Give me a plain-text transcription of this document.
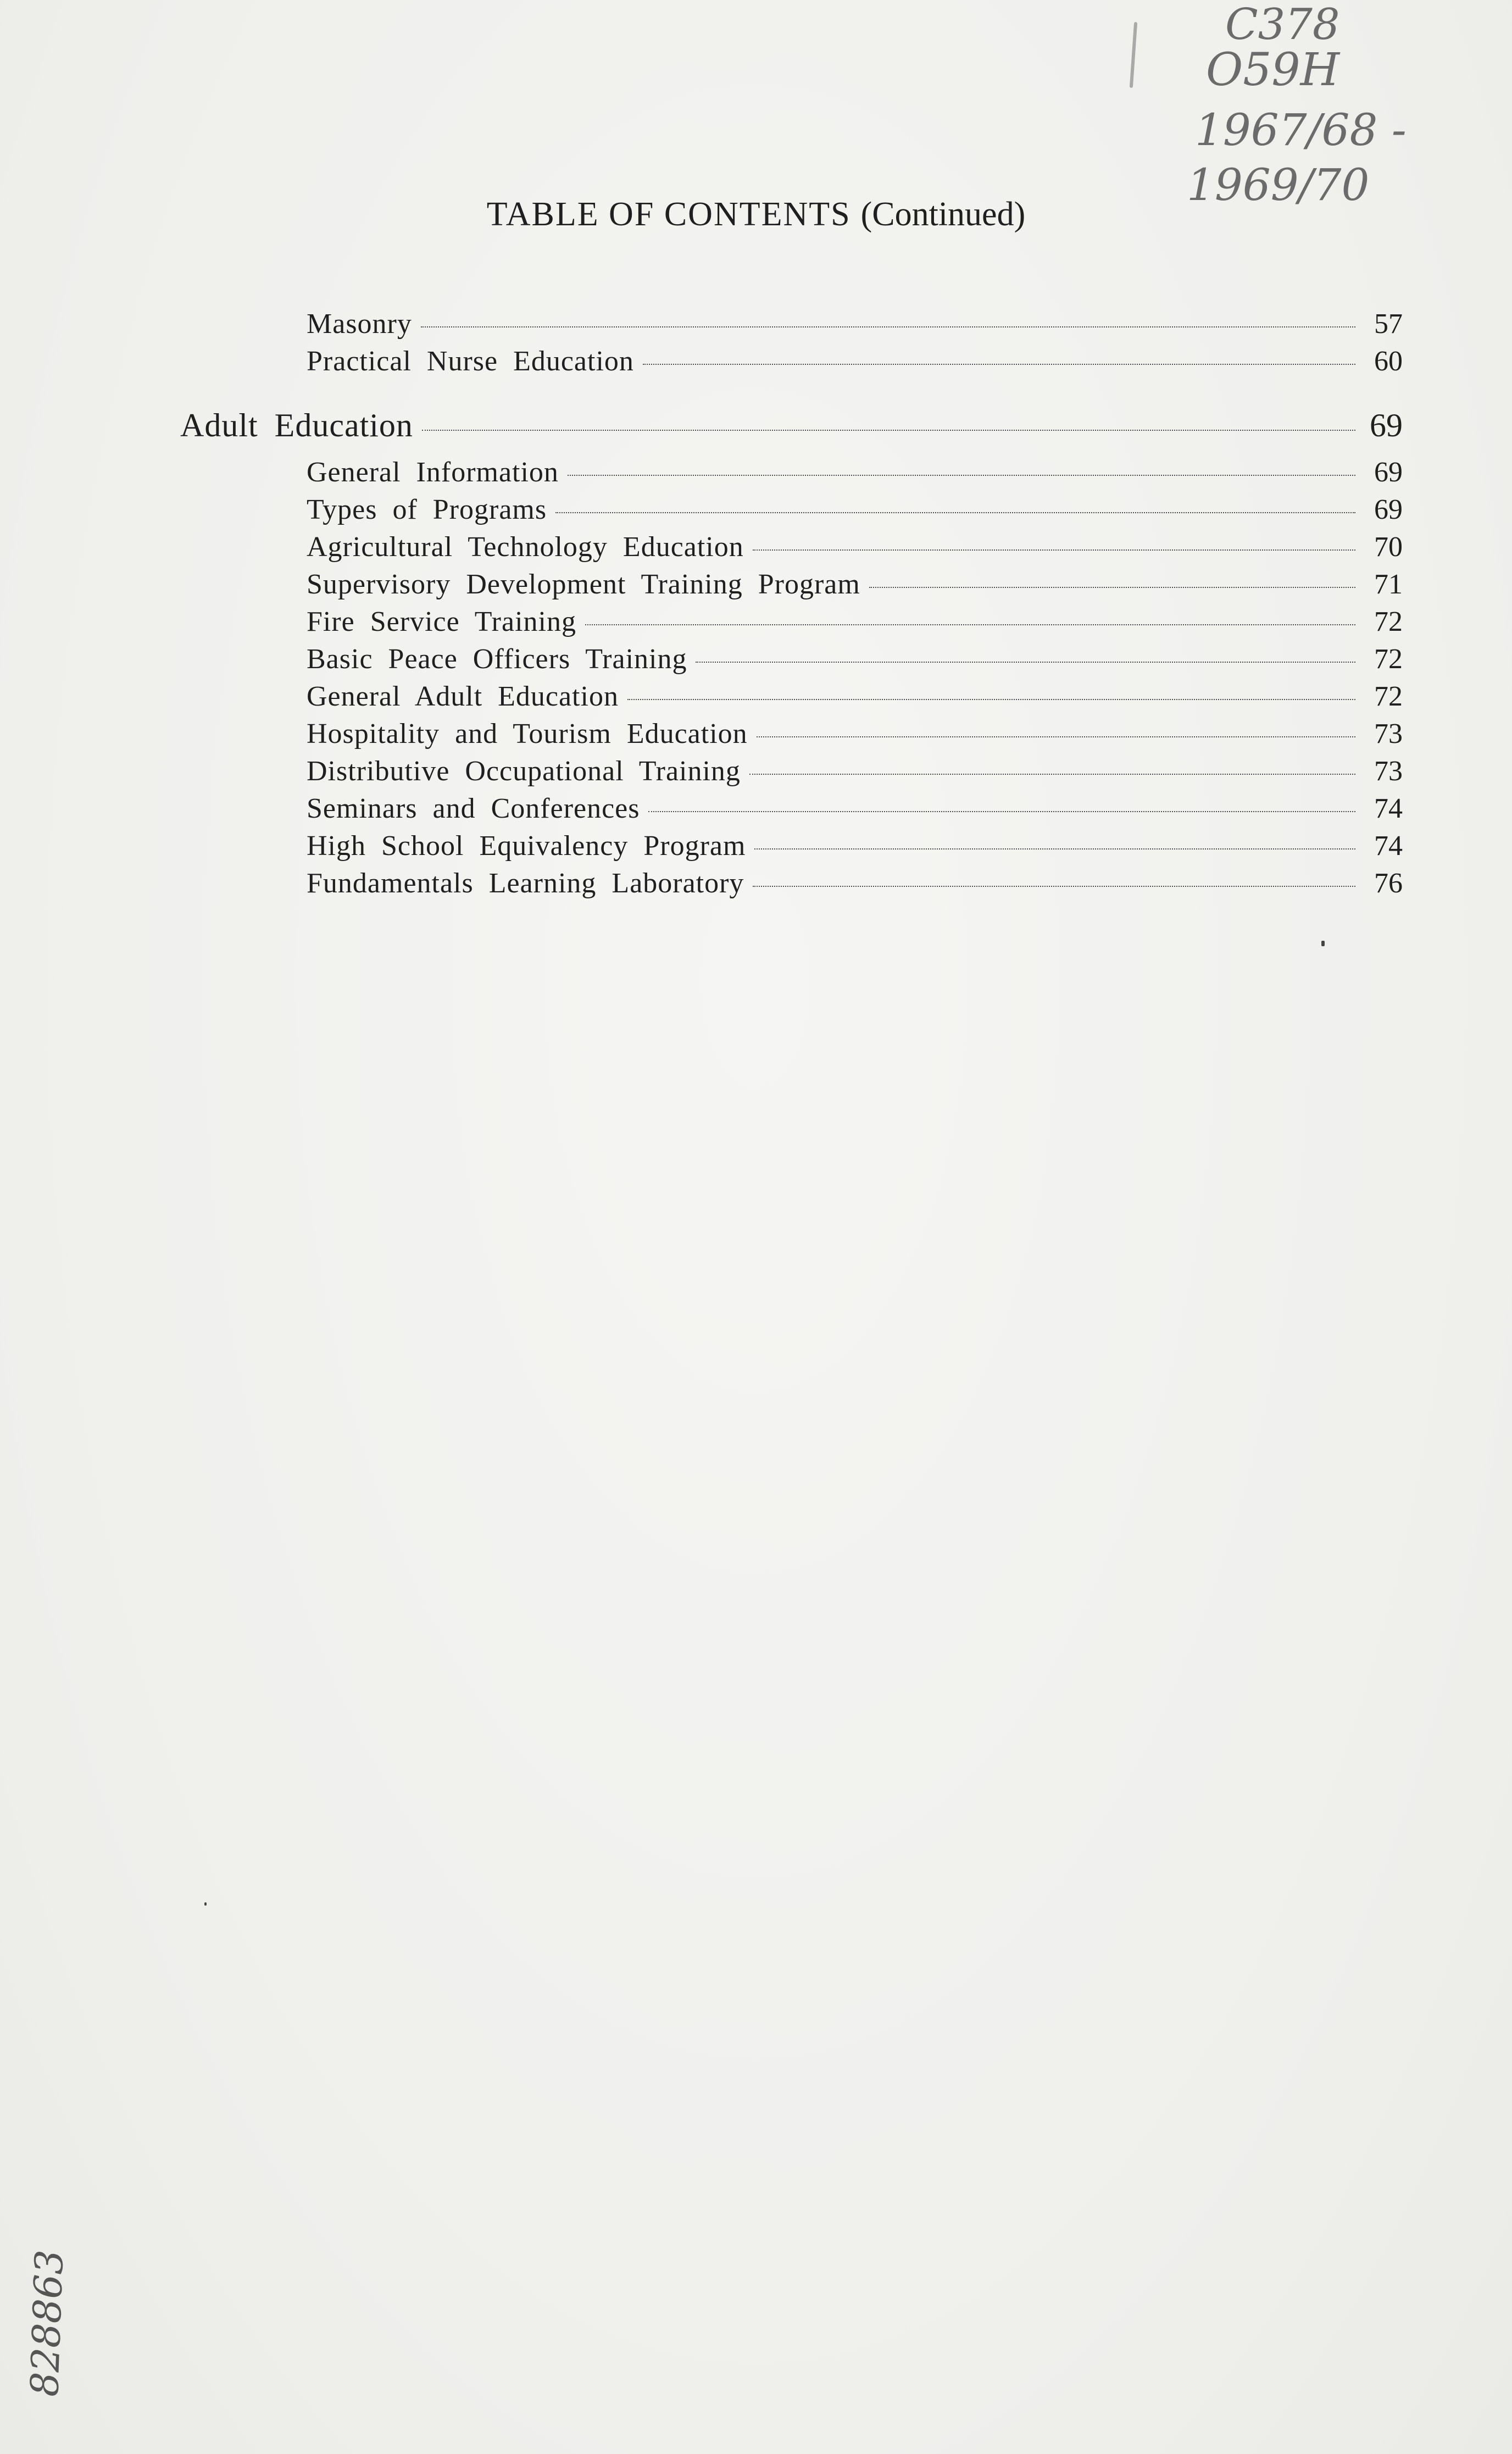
C378
O59H
1967/68 -
1969/70
TABLE OF CONTENTS (Continued)
Masonry	57
Practical Nurse Education	60
Adult Education	69
General Information	69
Types of Programs	69
Agricultural Technology Education	70
Supervisory Development Training Program	71
Fire Service Training	72
Basic Peace Officers Training	72
General Adult Education	72
Hospitality and Tourism Education	73
Distributive Occupational Training	73
Seminars and Conferences	74
High School Equivalency Program	74
Fundamentals Learning Laboratory	76
828863
